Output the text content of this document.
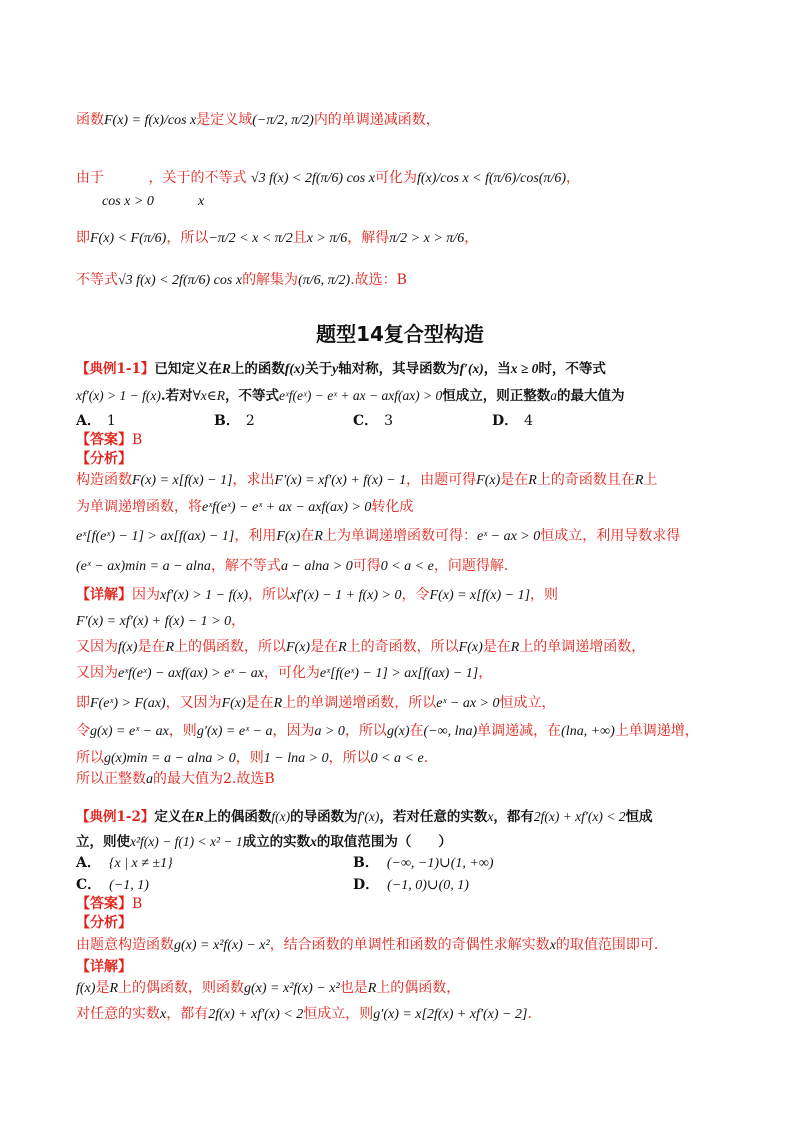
函数F(x) = f(x)/cos x是定义域(−π/2, π/2)内的单调递减函数，
由于
cos x > 0
，关于的不等式
x
√3 f(x) < 2f(π/6) cos x可化为f(x)/cos x < f(π/6)/cos(π/6)，
即F(x) < F(π/6)，所以−π/2 < x < π/2且x > π/6，解得π/2 > x > π/6，
不等式√3 f(x) < 2f(π/6) cos x的解集为(π/6, π/2).故选：B
题型14复合型构造
【典例1-1】已知定义在R上的函数f(x)关于y轴对称，其导函数为f′(x)，当x ≥ 0时，不等式
xf′(x) > 1 − f(x).若对∀x∈R，不等式eˣf(eˣ) − eˣ + ax − axf(ax) > 0恒成立，则正整数a的最大值为
A． 1	B． 2	C． 3	D． 4
【答案】B
【分析】
构造函数F(x) = x[f(x) − 1]，求出F′(x) = xf′(x) + f(x) − 1，由题可得F(x)是在R上的奇函数且在R上
为单调递增函数，将eˣf(eˣ) − eˣ + ax − axf(ax) > 0转化成
eˣ[f(eˣ) − 1] > ax[f(ax) − 1]，利用F(x)在R上为单调递增函数可得：eˣ − ax > 0恒成立，利用导数求得
(eˣ − ax)min = a − alna，解不等式a − alna > 0可得0 < a < e，问题得解.
【详解】因为xf′(x) > 1 − f(x)，所以xf′(x) − 1 + f(x) > 0，令F(x) = x[f(x) − 1]，则
F′(x) = xf′(x) + f(x) − 1 > 0，
又因为f(x)是在R上的偶函数，所以F(x)是在R上的奇函数，所以F(x)是在R上的单调递增函数，
又因为eˣf(eˣ) − axf(ax) > eˣ − ax，可化为eˣ[f(eˣ) − 1] > ax[f(ax) − 1]，
即F(eˣ) > F(ax)，又因为F(x)是在R上的单调递增函数，所以eˣ − ax > 0恒成立，
令g(x) = eˣ − ax，则g′(x) = eˣ − a，因为a > 0，所以g(x)在(−∞, lna)单调递减，在(lna, +∞)上单调递增，
所以g(x)min = a − alna > 0，则1 − lna > 0，所以0 < a < e.
所以正整数a的最大值为2.故选B
【典例1-2】定义在R上的偶函数f(x)的导函数为f′(x)，若对任意的实数x，都有2f(x) + xf′(x) < 2恒成
立，则使x²f(x) − f(1) < x² − 1成立的实数x的取值范围为（　　）
A． {x | x ≠ ±1}	B． (−∞, −1)∪(1, +∞)
C． (−1, 1)	D． (−1, 0)∪(0, 1)
【答案】B
【分析】
由题意构造函数g(x) = x²f(x) − x²，结合函数的单调性和函数的奇偶性求解实数x的取值范围即可.
【详解】
f(x)是R上的偶函数，则函数g(x) = x²f(x) − x²也是R上的偶函数，
对任意的实数x，都有2f(x) + xf′(x) < 2恒成立，则g′(x) = x[2f(x) + xf′(x) − 2].
